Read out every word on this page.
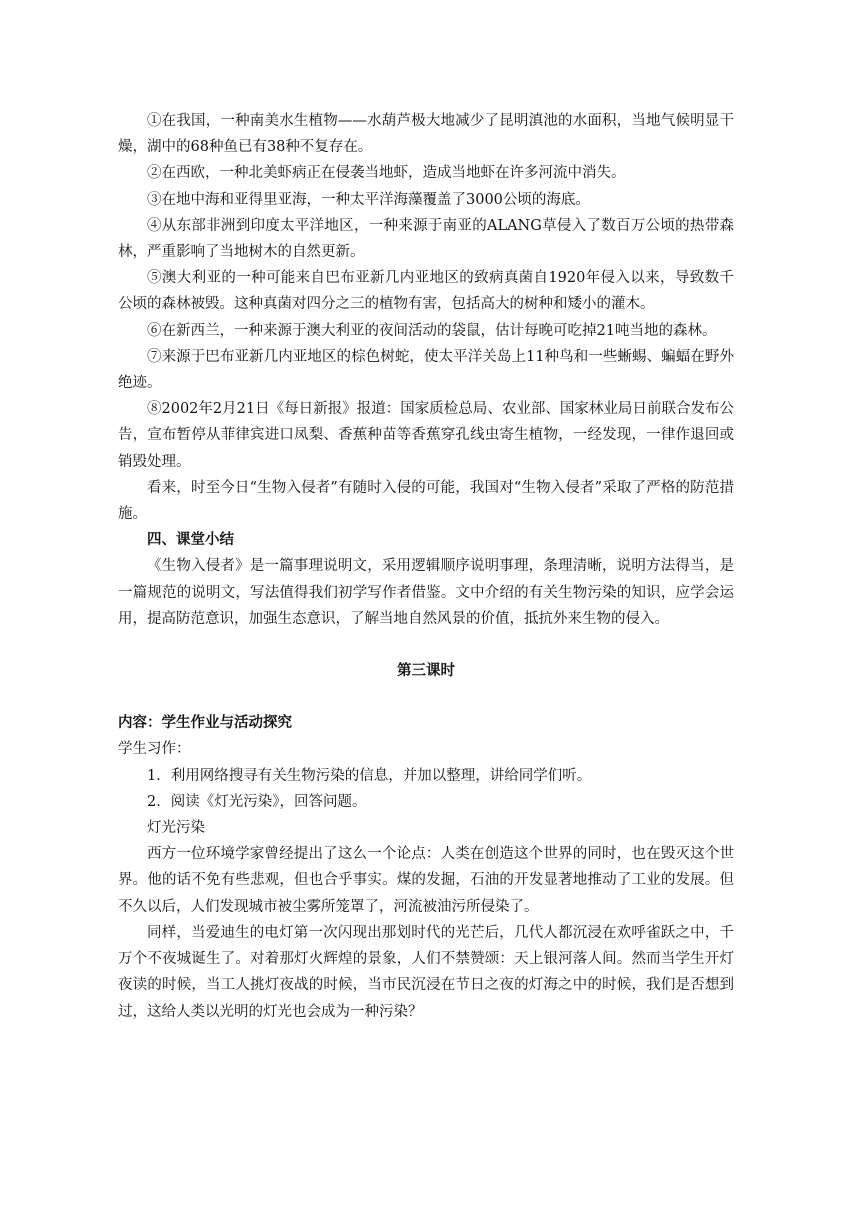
①在我国，一种南美水生植物——水葫芦极大地减少了昆明滇池的水面积，当地气候明显干燥，湖中的68种鱼已有38种不复存在。

②在西欧，一种北美虾病正在侵袭当地虾，造成当地虾在许多河流中消失。

③在地中海和亚得里亚海，一种太平洋海藻覆盖了3000公顷的海底。

④从东部非洲到印度太平洋地区，一种来源于南亚的ALANG草侵入了数百万公顷的热带森林，严重影响了当地树木的自然更新。

⑤澳大利亚的一种可能来自巴布亚新几内亚地区的致病真菌自1920年侵入以来，导致数千公顷的森林被毁。这种真菌对四分之三的植物有害，包括高大的树种和矮小的灌木。

⑥在新西兰，一种来源于澳大利亚的夜间活动的袋鼠，估计每晚可吃掉21吨当地的森林。

⑦来源于巴布亚新几内亚地区的棕色树蛇，使太平洋关岛上11种鸟和一些蜥蜴、蝙蝠在野外绝迹。

⑧2002年2月21日《每日新报》报道：国家质检总局、农业部、国家林业局日前联合发布公告，宣布暂停从菲律宾进口凤梨、香蕉种苗等香蕉穿孔线虫寄生植物，一经发现，一律作退回或销毁处理。

看来，时至今日“生物入侵者”有随时入侵的可能，我国对“生物入侵者”采取了严格的防范措施。

四、课堂小结

《生物入侵者》是一篇事理说明文，采用逻辑顺序说明事理，条理清晰，说明方法得当，是一篇规范的说明文，写法值得我们初学写作者借鉴。文中介绍的有关生物污染的知识，应学会运用，提高防范意识，加强生态意识，了解当地自然风景的价值，抵抗外来生物的侵入。

第三课时

内容：学生作业与活动探究

学生习作：

1．利用网络搜寻有关生物污染的信息，并加以整理，讲给同学们听。

2．阅读《灯光污染》，回答问题。

灯光污染

西方一位环境学家曾经提出了这么一个论点：人类在创造这个世界的同时，也在毁灭这个世界。他的话不免有些悲观，但也合乎事实。煤的发掘，石油的开发显著地推动了工业的发展。但不久以后，人们发现城市被尘雾所笼罩了，河流被油污所侵染了。

同样，当爱迪生的电灯第一次闪现出那划时代的光芒后，几代人都沉浸在欢呼雀跃之中，千万个不夜城诞生了。对着那灯火辉煌的景象，人们不禁赞颂：天上银河落人间。然而当学生开灯夜读的时候，当工人挑灯夜战的时候，当市民沉浸在节日之夜的灯海之中的时候，我们是否想到过，这给人类以光明的灯光也会成为一种污染？
